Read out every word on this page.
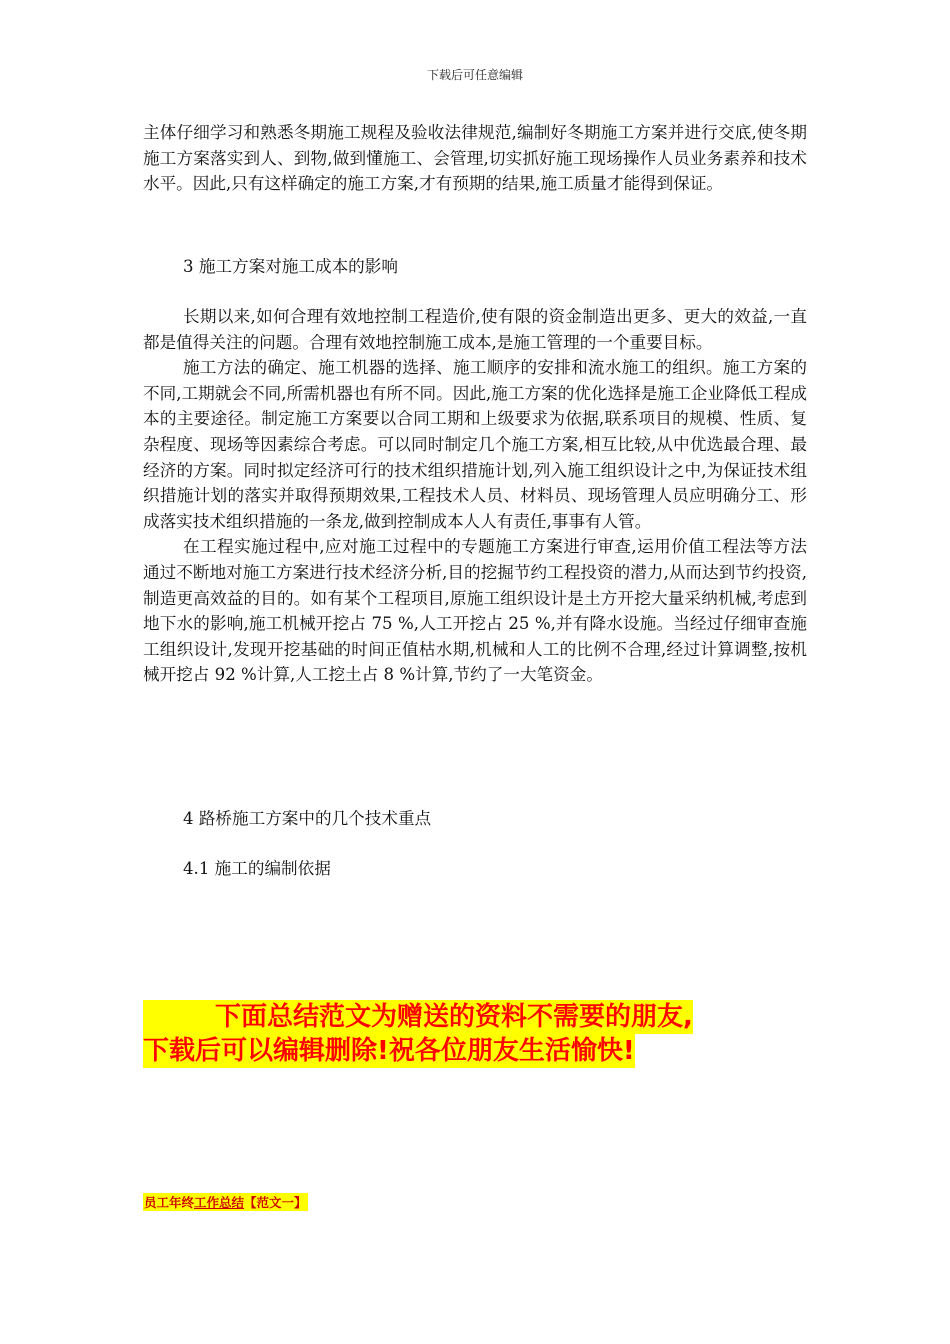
下载后可任意编辑

主体仔细学习和熟悉冬期施工规程及验收法律规范,编制好冬期施工方案并进行交底,使冬期施工方案落实到人、到物,做到懂施工、会管理,切实抓好施工现场操作人员业务素养和技术水平。因此,只有这样确定的施工方案,才有预期的结果,施工质量才能得到保证。

3 施工方案对施工成本的影响

长期以来,如何合理有效地控制工程造价,使有限的资金制造出更多、更大的效益,一直都是值得关注的问题。合理有效地控制施工成本,是施工管理的一个重要目标。

施工方法的确定、施工机器的选择、施工顺序的安排和流水施工的组织。施工方案的不同,工期就会不同,所需机器也有所不同。因此,施工方案的优化选择是施工企业降低工程成本的主要途径。制定施工方案要以合同工期和上级要求为依据,联系项目的规模、性质、复杂程度、现场等因素综合考虑。可以同时制定几个施工方案,相互比较,从中优选最合理、最经济的方案。同时拟定经济可行的技术组织措施计划,列入施工组织设计之中,为保证技术组织措施计划的落实并取得预期效果,工程技术人员、材料员、现场管理人员应明确分工、形成落实技术组织措施的一条龙,做到控制成本人人有责任,事事有人管。

在工程实施过程中,应对施工过程中的专题施工方案进行审查,运用价值工程法等方法通过不断地对施工方案进行技术经济分析,目的挖掘节约工程投资的潜力,从而达到节约投资,制造更高效益的目的。如有某个工程项目,原施工组织设计是土方开挖大量采纳机械,考虑到地下水的影响,施工机械开挖占 75 %,人工开挖占 25 %,并有降水设施。当经过仔细审查施工组织设计,发现开挖基础的时间正值枯水期,机械和人工的比例不合理,经过计算调整,按机械开挖占 92 %计算,人工挖土占 8 %计算,节约了一大笔资金。

4 路桥施工方案中的几个技术重点

4.1 施工的编制依据

下面总结范文为赠送的资料不需要的朋友,
下载后可以编辑删除!祝各位朋友生活愉快!
员工年终工作总结【范文一】
